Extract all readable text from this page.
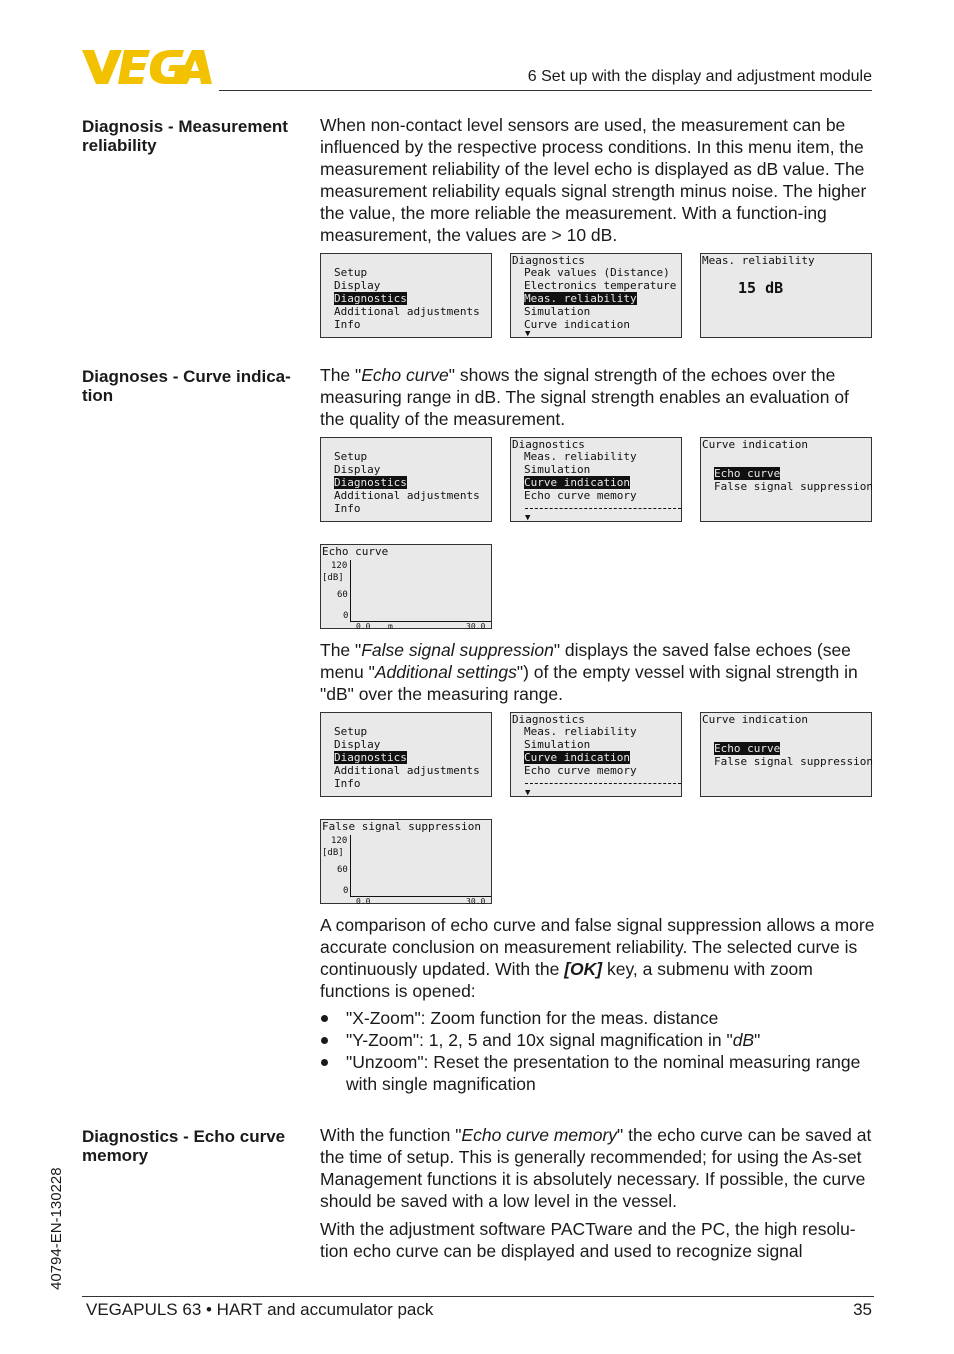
6 Set up with the display and adjustment module
Diagnosis - Measurement reliability
When non-contact level sensors are used, the measurement can be influenced by the respective process conditions. In this menu item, the measurement reliability of the level echo is displayed as dB value. The measurement reliability equals signal strength minus noise. The higher the value, the more reliable the measurement. With a function-ing measurement, the values are > 10 dB.
Setup
Display
Diagnostics
Additional adjustments
Info
Diagnostics
Peak values (Distance)
Electronics temperature
Meas. reliability
Simulation
Curve indication
▼
Meas. reliability
15 dB
Diagnoses - Curve indica-tion
The "Echo curve" shows the signal strength of the echoes over the measuring range in dB. The signal strength enables an evaluation of the quality of the measurement.
Setup
Display
Diagnostics
Additional adjustments
Info
Diagnostics
Meas. reliability
Simulation
Curve indication
Echo curve memory
▼
Curve indication
Echo curve
False signal suppression
Echo curve
120
[dB]
60
0
0.0 m	30.0
The "False signal suppression" displays the saved false echoes (see menu "Additional settings") of the empty vessel with signal strength in "dB" over the measuring range.
Setup
Display
Diagnostics
Additional adjustments
Info
Diagnostics
Meas. reliability
Simulation
Curve indication
Echo curve memory
▼
Curve indication
Echo curve
False signal suppression
False signal suppression
120
[dB]
60
0
0.0	30.0
A comparison of echo curve and false signal suppression allows a more accurate conclusion on measurement reliability. The selected curve is continuously updated. With the [OK] key, a submenu with zoom functions is opened:
"X-Zoom": Zoom function for the meas. distance
"Y-Zoom": 1, 2, 5 and 10x signal magnification in "dB"
"Unzoom": Reset the presentation to the nominal measuring range with single magnification
Diagnostics - Echo curve memory
With the function "Echo curve memory" the echo curve can be saved at the time of setup. This is generally recommended; for using the As-set Management functions it is absolutely necessary. If possible, the curve should be saved with a low level in the vessel.
With the adjustment software PACTware and the PC, the high resolu-tion echo curve can be displayed and used to recognize signal
40794-EN-130228
VEGAPULS 63 • HART and accumulator pack	35
